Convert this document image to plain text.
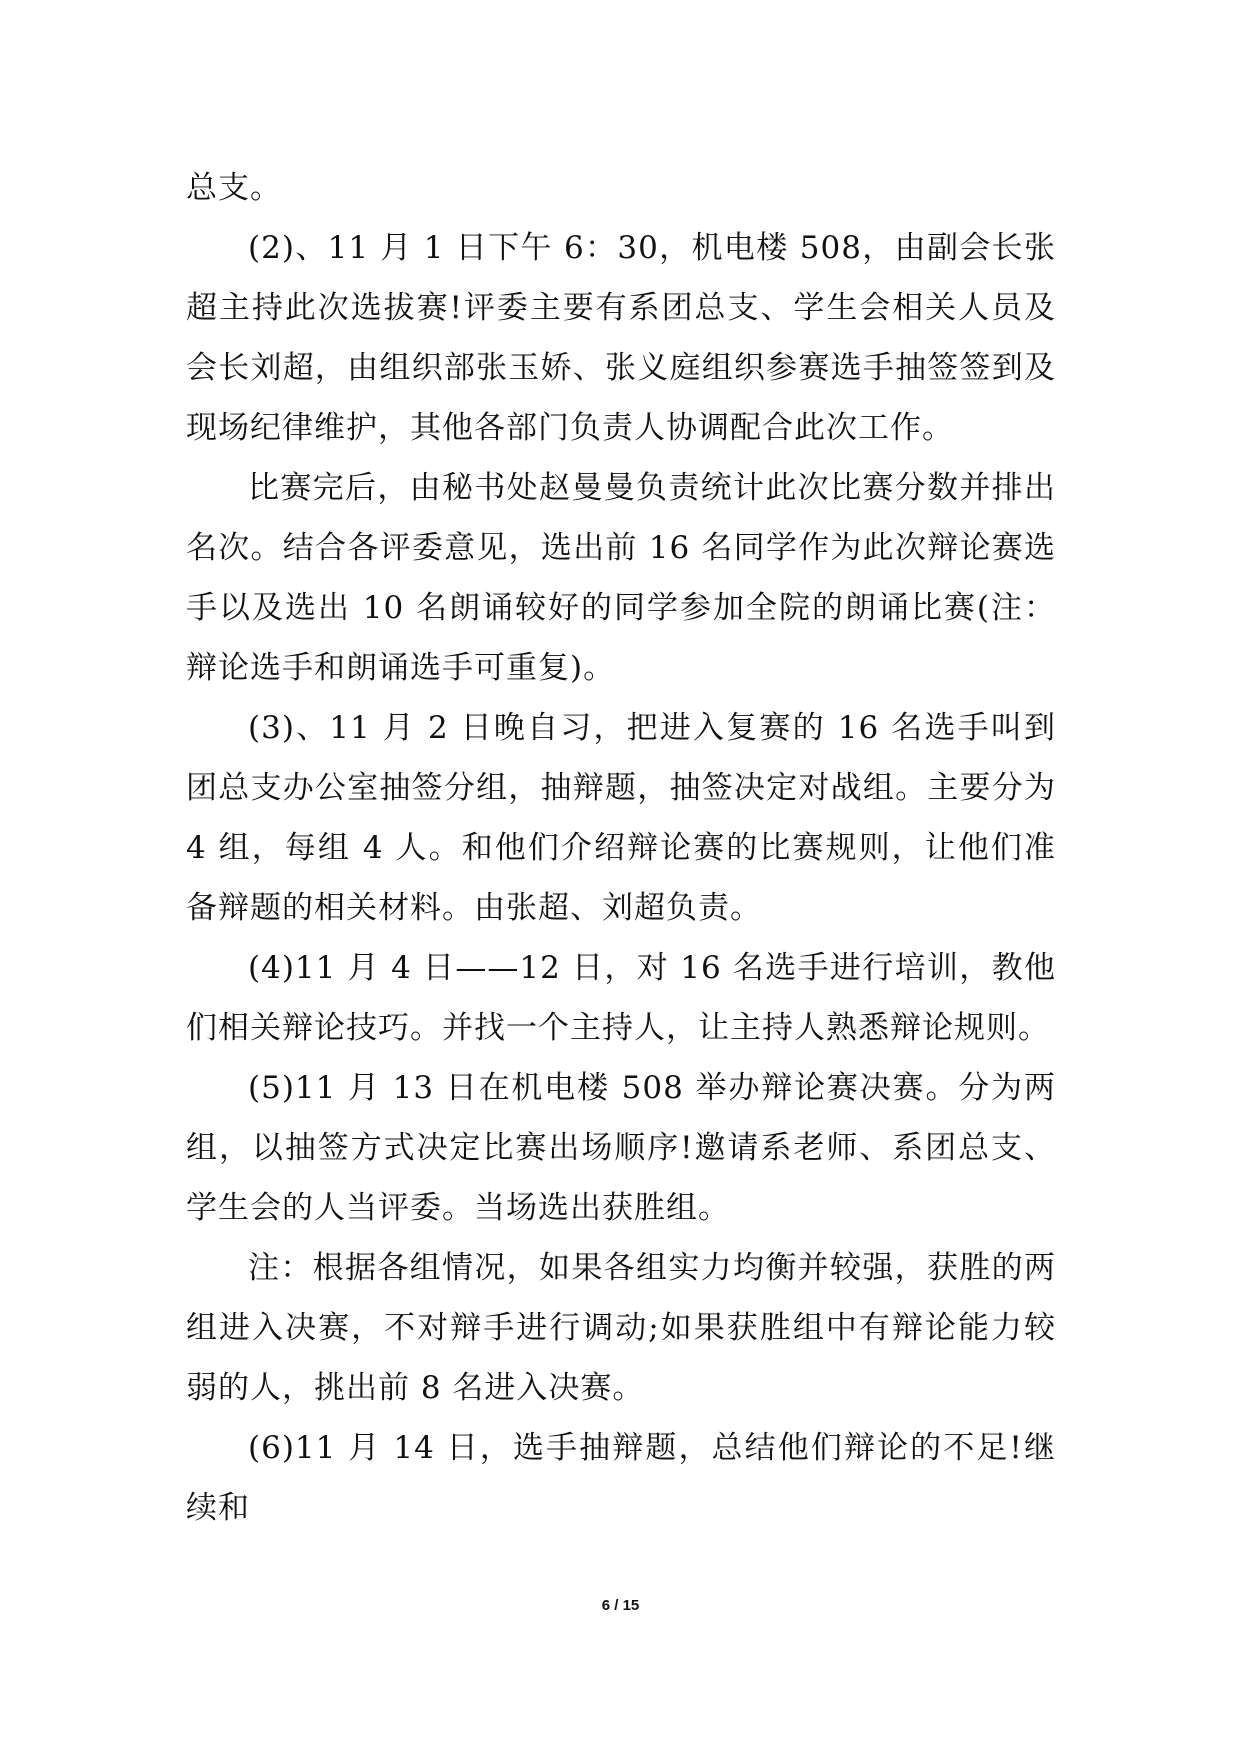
总支。

(2)、11 月 1 日下午 6：30，机电楼 508，由副会长张超主持此次选拔赛!评委主要有系团总支、学生会相关人员及会长刘超，由组织部张玉娇、张义庭组织参赛选手抽签签到及现场纪律维护，其他各部门负责人协调配合此次工作。

比赛完后，由秘书处赵曼曼负责统计此次比赛分数并排出名次。结合各评委意见，选出前 16 名同学作为此次辩论赛选手以及选出 10 名朗诵较好的同学参加全院的朗诵比赛(注：辩论选手和朗诵选手可重复)。

(3)、11 月 2 日晚自习，把进入复赛的 16 名选手叫到团总支办公室抽签分组，抽辩题，抽签决定对战组。主要分为 4 组，每组 4 人。和他们介绍辩论赛的比赛规则，让他们准备辩题的相关材料。由张超、刘超负责。

(4)11 月 4 日——12 日，对 16 名选手进行培训，教他们相关辩论技巧。并找一个主持人，让主持人熟悉辩论规则。

(5)11 月 13 日在机电楼 508 举办辩论赛决赛。分为两组，以抽签方式决定比赛出场顺序!邀请系老师、系团总支、学生会的人当评委。当场选出获胜组。

注：根据各组情况，如果各组实力均衡并较强，获胜的两组进入决赛，不对辩手进行调动;如果获胜组中有辩论能力较弱的人，挑出前 8 名进入决赛。

(6)11 月 14 日，选手抽辩题，总结他们辩论的不足!继续和

6 / 15
